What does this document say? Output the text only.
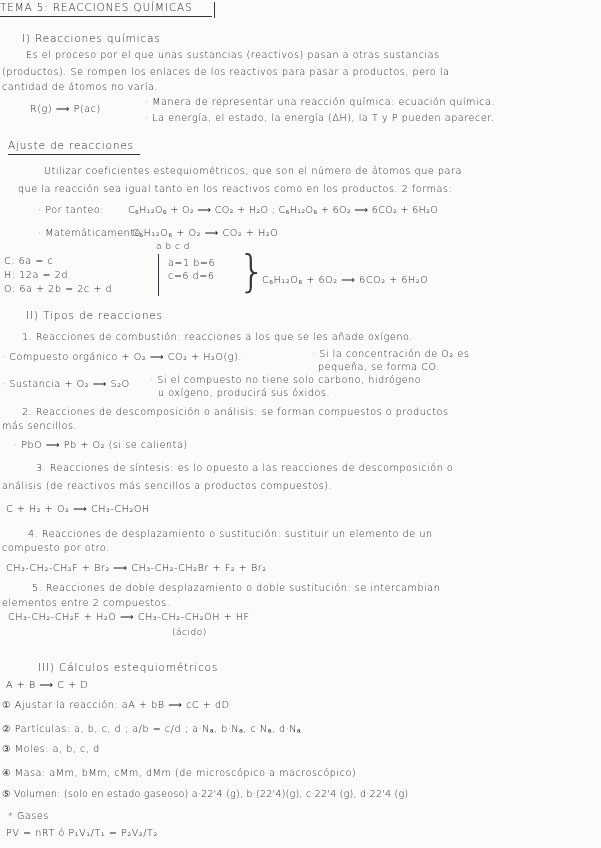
TEMA 5: REACCIONES QUÍMICAS
I) Reacciones químicas
Es el proceso por el que unas sustancias (reactivos) pasan a otras sustancias
(productos). Se rompen los enlaces de los reactivos para pasar a productos, pero la
cantidad de átomos no varía.
R(g) ⟶ P(ac)
· Manera de representar una reacción química: ecuación química.
· La energía, el estado, la energía (ΔH), la T y P pueden aparecer.
Ajuste de reacciones
Utilizar coeficientes estequiométricos, que son el número de átomos que para
que la reacción sea igual tanto en los reactivos como en los productos. 2 formas:
· Por tanteo: C₆H₁₂O₆ + O₂ ⟶ CO₂ + H₂O ; C₆H₁₂O₆ + 6O₂ ⟶ 6CO₂ + 6H₂O
· Matemáticamente:
C₆H₁₂O₆ + O₂ ⟶ CO₂ + H₂O
a b c d
C: 6a = c
H: 12a = 2d
O: 6a + 2b = 2c + d
a=1 b=6
c=6 d=6 }
C₆H₁₂O₆ + 6O₂ ⟶ 6CO₂ + 6H₂O
II) Tipos de reacciones
1. Reacciones de combustión: reacciones a los que se les añade oxígeno.
· Compuesto orgánico + O₂ ⟶ CO₂ + H₂O(g).	· Si la concentración de O₂ es
pequeña, se forma CO.
· Sustancia + O₂ ⟶ S₂O · Si el compuesto no tiene solo carbono, hidrógeno
u oxígeno, producirá sus óxidos.
2. Reacciones de descomposición o análisis: se forman compuestos o productos
más sencillos.
· PbO ⟶ Pb + O₂ (si se calienta)
3. Reacciones de síntesis: es lo opuesto a las reacciones de descomposición o
análisis (de reactivos más sencillos a productos compuestos).
C + H₂ + O₂ ⟶ CH₃-CH₂OH
4. Reacciones de desplazamiento o sustitución: sustituir un elemento de un
compuesto por otro.
CH₃-CH₂-CH₂F + Br₂ ⟶ CH₃-CH₂-CH₂Br + F₂ + Br₂
5. Reacciones de doble desplazamiento o doble sustitución: se intercambian
elementos entre 2 compuestos.
CH₃-CH₂-CH₂F + H₂O ⟶ CH₃-CH₂-CH₂OH + HF
(ácido)
III) Cálculos estequiométricos
A + B ⟶ C + D
① Ajustar la reacción: aA + bB ⟶ cC + dD
② Partículas: a, b, c, d ; a/b = c/d ; a·Nₐ, b·Nₐ, c·Nₐ, d·Nₐ
③ Moles: a, b, c, d
④ Masa: aMm, bMm, cMm, dMm (de microscópico a macroscópico)
⑤ Volumen: (solo en estado gaseoso) a·22'4 (g), b·(22'4)(g), c·22'4 (g), d·22'4 (g)
* Gases
PV = nRT ó P₁V₁/T₁ = P₂V₂/T₂
